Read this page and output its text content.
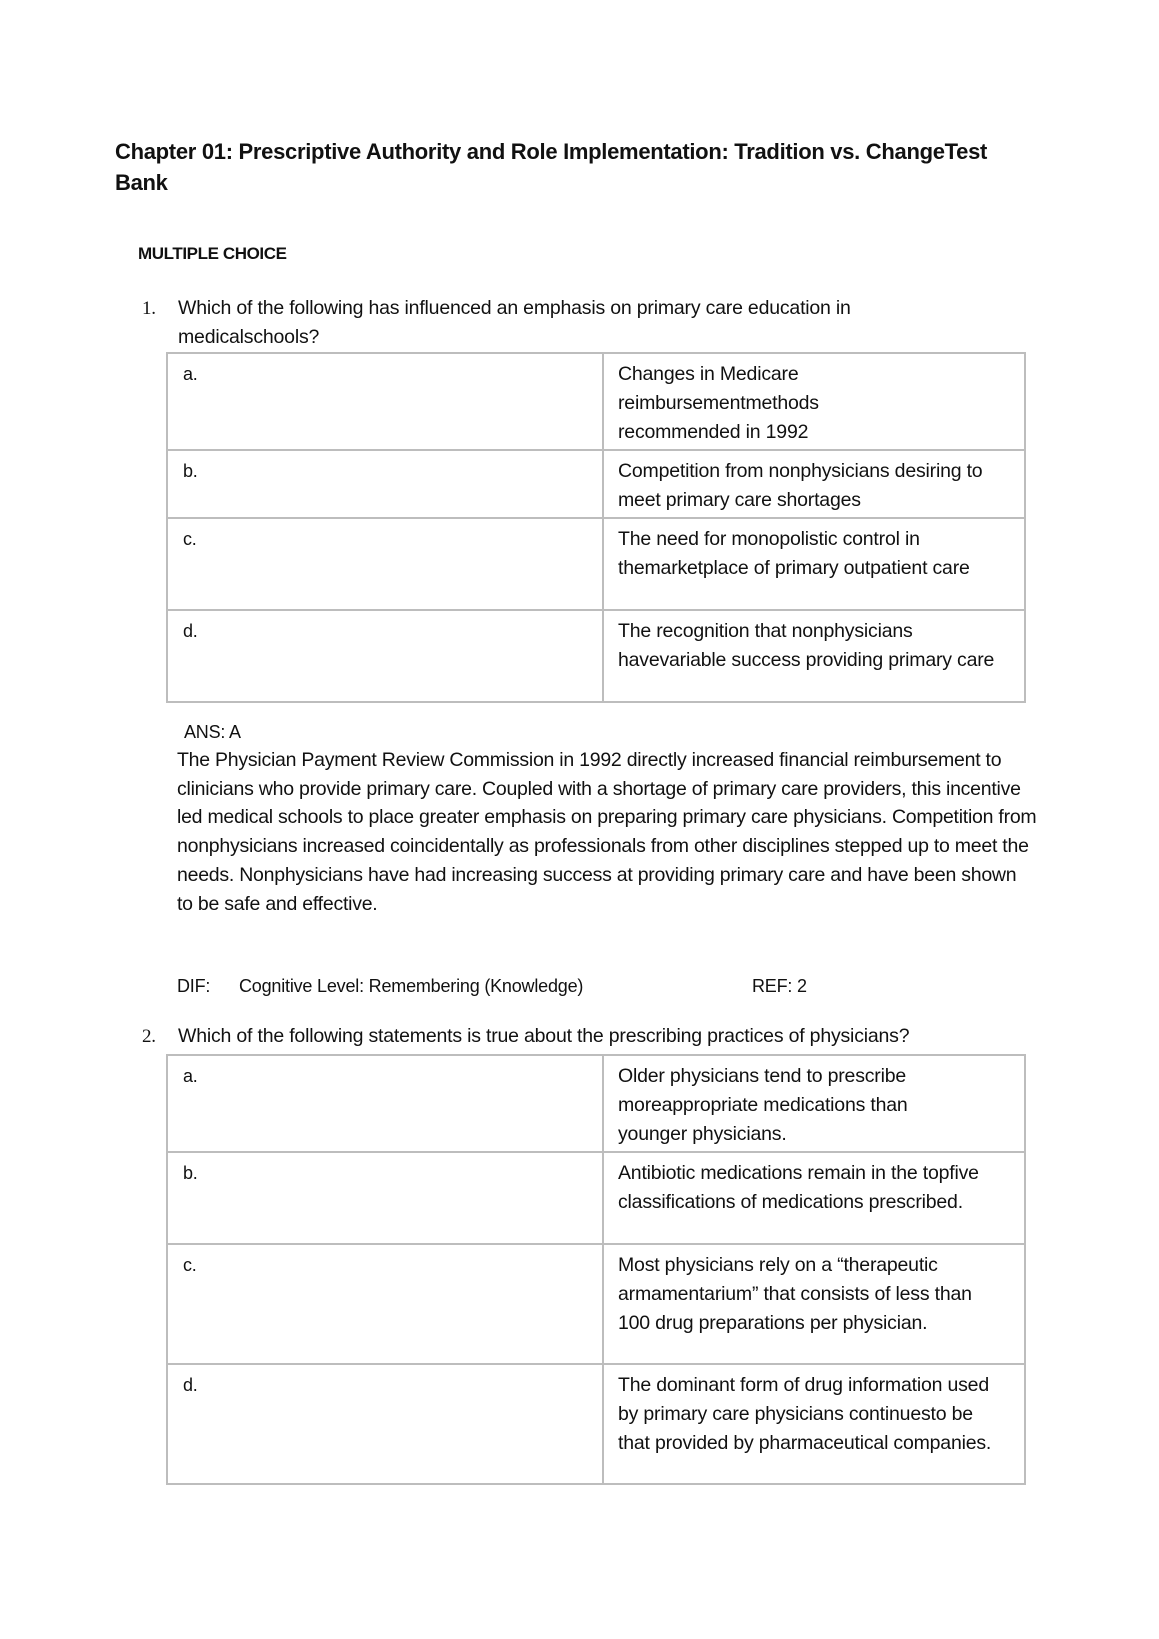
Chapter 01: Prescriptive Authority and Role Implementation: Tradition vs. ChangeTest Bank
MULTIPLE CHOICE
1. Which of the following has influenced an emphasis on primary care education in medicalschools?
a.	Changes in Medicare reimbursementmethods recommended in 1992
b.	Competition from nonphysicians desiring to meet primary care shortages
c.	The need for monopolistic control in themarketplace of primary outpatient care
d.	The recognition that nonphysicians havevariable success providing primary care
ANS: A
The Physician Payment Review Commission in 1992 directly increased financial reimbursement to clinicians who provide primary care. Coupled with a shortage of primary care providers, this incentive led medical schools to place greater emphasis on preparing primary care physicians. Competition from nonphysicians increased coincidentally as professionals from other disciplines stepped up to meet the needs. Nonphysicians have had increasing success at providing primary care and have been shown to be safe and effective.
DIF: Cognitive Level: Remembering (Knowledge)	REF: 2
2. Which of the following statements is true about the prescribing practices of physicians?
a.	Older physicians tend to prescribe moreappropriate medications than younger physicians.
b.	Antibiotic medications remain in the topfive classifications of medications prescribed.
c.	Most physicians rely on a “therapeutic armamentarium” that consists of less than 100 drug preparations per physician.
d.	The dominant form of drug information used by primary care physicians continuesto be that provided by pharmaceutical companies.
